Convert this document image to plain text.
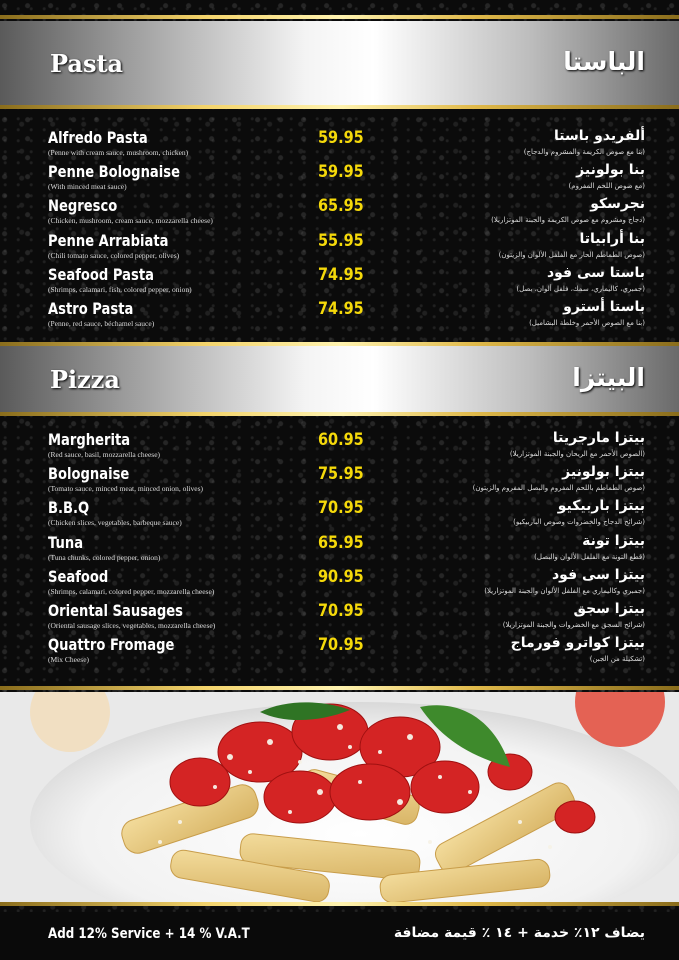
Pasta	الباستا
Alfredo Pasta
(Penne with cream sauce, mushroom, chicken)
59.95	ألفريدو باستا
(بنا مع صوص الكريمة والمشروم والدجاج)
Penne Bolognaise
(With minced meat sauce)
59.95	بنا بولونيز
(مع صوص اللحم المفروم)
Negresco
(Chicken, mushroom, cream sauce, mozzarella cheese)
65.95	نجرسكو
(دجاج ومشروم مع صوص الكريمة والجبنة الموتزاريلا)
Penne Arrabiata
(Chili tomato sauce, colored pepper, olives)
55.95	بنا أرابياتا
(صوص الطماطم الحار مع الفلفل الألوان والزيتون)
Seafood Pasta
(Shrimps, calamari, fish, colored pepper, onion)
74.95	باستا سى فود
(جمبري، كاليماري، سمك، فلفل ألوان، بصل)
Astro Pasta
(Penne, red sauce, béchamel sauce)
74.95	باستا أسترو
(بنا مع الصوص الأحمر وخلطة البشاميل)
Pizza	البيتزا
Margherita
(Red sauce, basil, mozzarella cheese)
60.95	بيتزا مارجريتا
(الصوص الأحمر مع الريحان والجبنة الموتزاريلا)
Bolognaise
(Tomato sauce, minced meat, minced onion, olives)
75.95	بيتزا بولونيز
(صوص الطماطم باللحم المفروم والبصل المفروم والزيتون)
B.B.Q
(Chicken slices, vegetables, barbeque sauce)
70.95	بيتزا باربيكيو
(شرائح الدجاج والخضروات وصوص الباربيكيو)
Tuna
(Tuna chunks, colored pepper, onion)
65.95	بيتزا تونة
(قطع التونة مع الفلفل الألوان والبصل)
Seafood
(Shrimps, calamari, colored pepper, mozzarella cheese)
90.95	بيتزا سى فود
(جمبري وكاليماري مع الفلفل الألوان والجبنة الموتزاريلا)
Oriental Sausages
(Oriental sausage slices, vegetables, mozzarella cheese)
70.95	بيتزا سجق
(شرائح السجق مع الخضروات والجبنة الموتزاريلا)
Quattro Fromage
(Mix Cheese)
70.95	بيتزا كواترو فورماج
(تشكيلة من الجبن)
Add 12% Service + 14 % V.A.T	يضاف ١٢٪ خدمة + ١٤ ٪ قيمة مضافة
